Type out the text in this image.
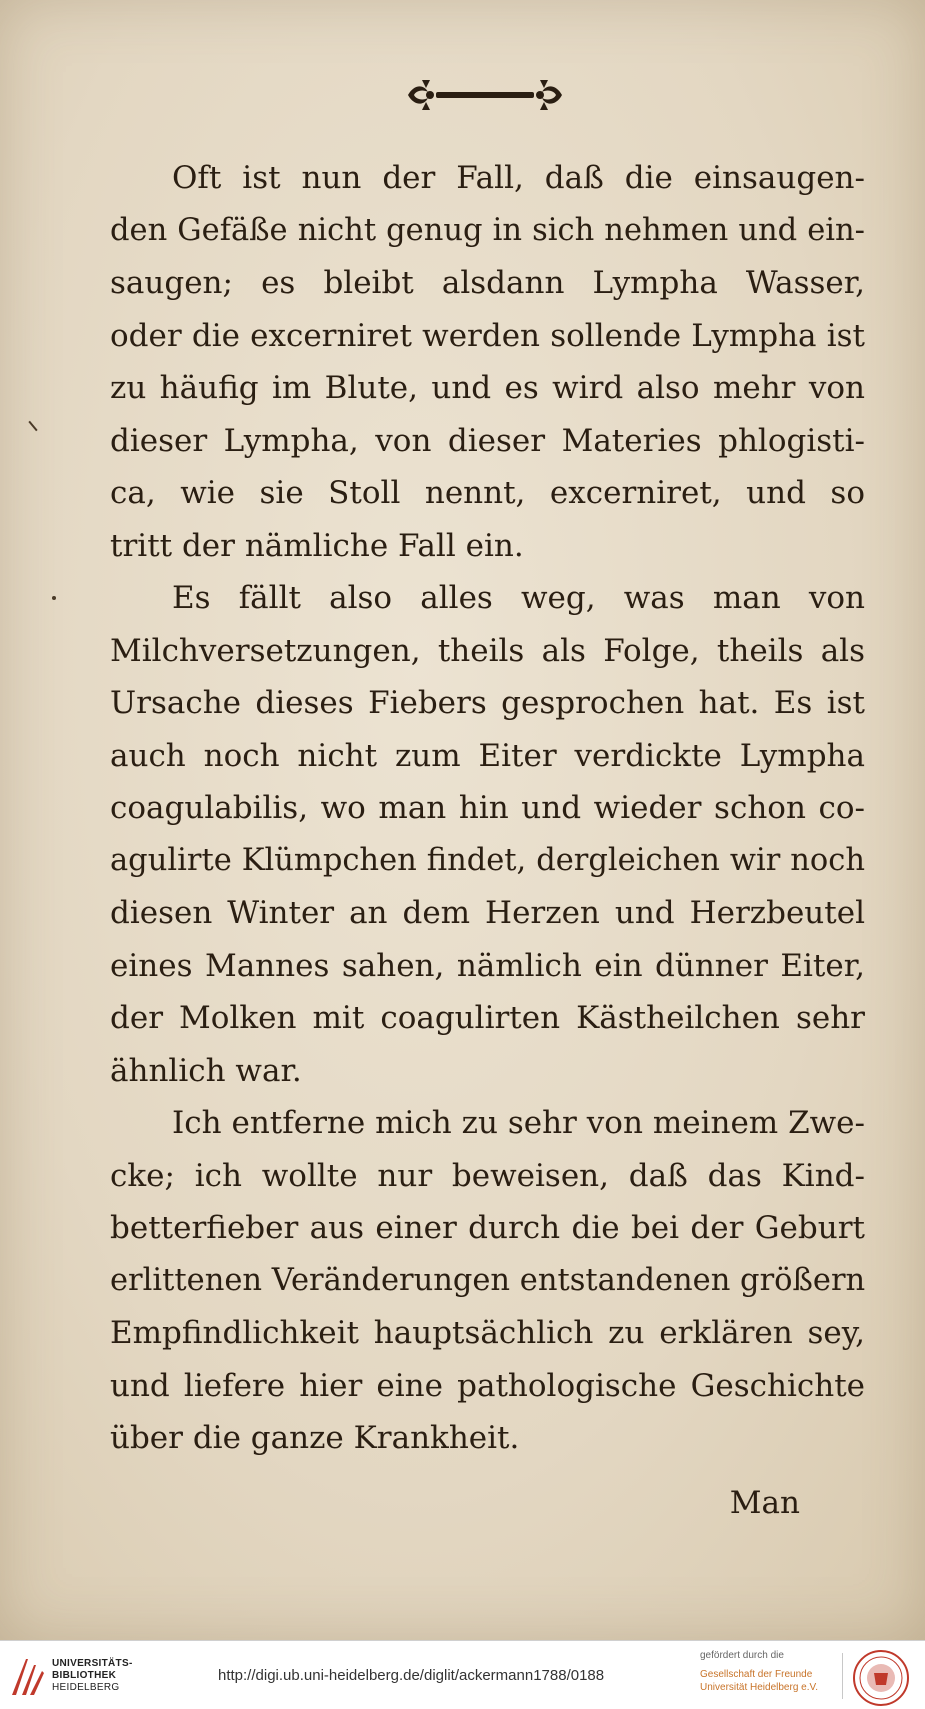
Oft ist nun der Fall, daß die einsaugen-
den Gefäße nicht genug in sich nehmen und ein-
saugen; es bleibt alsdann Lympha Wasser,
oder die excerniret werden sollende Lympha ist
zu häufig im Blute, und es wird also mehr von
dieser Lympha, von dieser Materies phlogisti-
ca, wie sie Stoll nennt, excerniret, und so
tritt der nämliche Fall ein.

Es fällt also alles weg, was man von
Milchversetzungen, theils als Folge, theils als
Ursache dieses Fiebers gesprochen hat. Es ist
auch noch nicht zum Eiter verdickte Lympha
coagulabilis, wo man hin und wieder schon co-
agulirte Klümpchen findet, dergleichen wir noch
diesen Winter an dem Herzen und Herzbeutel
eines Mannes sahen, nämlich ein dünner Eiter,
der Molken mit coagulirten Kästheilchen sehr
ähnlich war.

Ich entferne mich zu sehr von meinem Zwe-
cke; ich wollte nur beweisen, daß das Kind-
betterfieber aus einer durch die bei der Geburt
erlittenen Veränderungen entstandenen größern
Empfindlichkeit hauptsächlich zu erklären sey,
und liefere hier eine pathologische Geschichte
über die ganze Krankheit.

Man
UNIVERSITÄTS-
BIBLIOTHEK
HEIDELBERG
http://digi.ub.uni-heidelberg.de/diglit/ackermann1788/0188
gefördert durch die
Gesellschaft der Freunde
Universität Heidelberg e.V.
